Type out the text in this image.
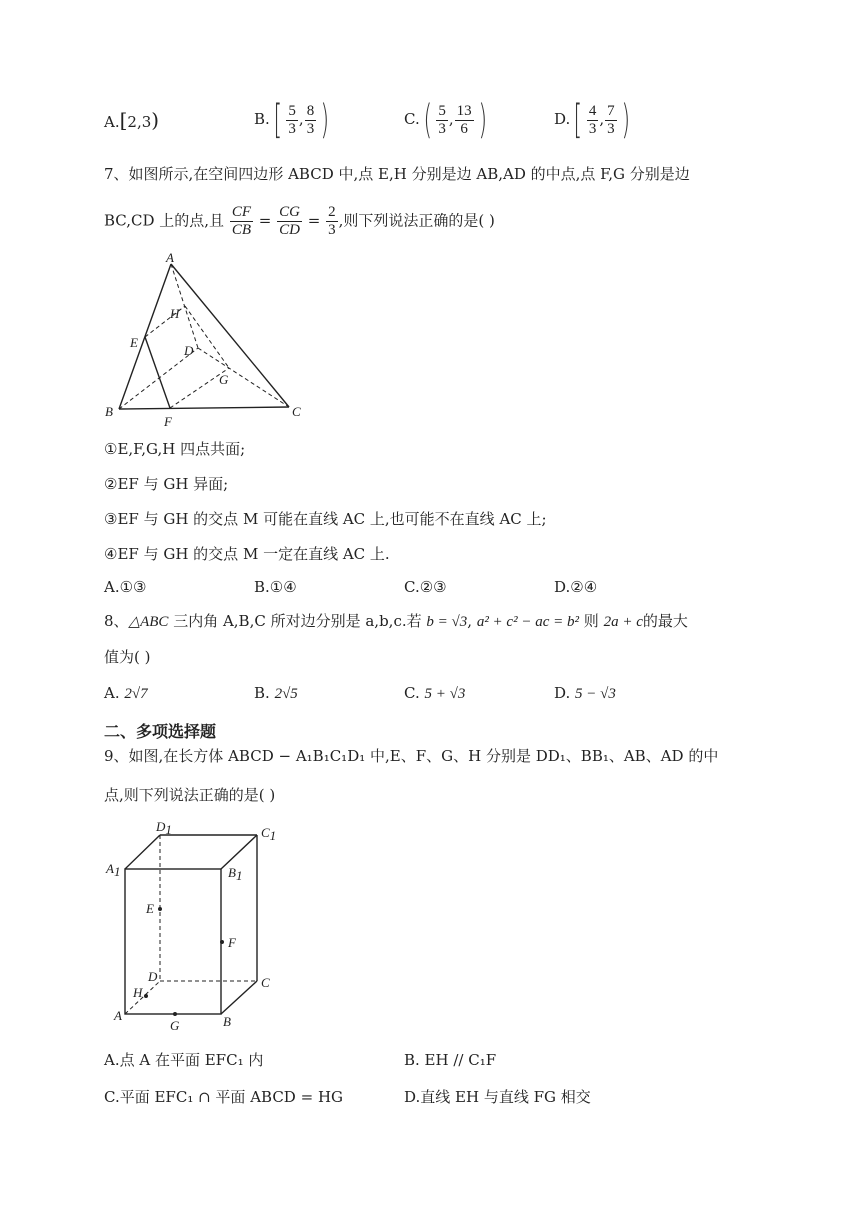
A.[2,3)	$B.[ \frac{5}{3}$ , $\frac{8}{3}$ )	$C.( \frac{5}{3}$ , $\frac{13}{6}$ )	$D.[ \frac{4}{3}$ , $\frac{7}{3}$ )
7、如图所示,在空间四边形 ABCD 中,点 E,H 分别是边 AB,AD 的中点,点 F,G 分别是边
BC,CD 上的点,且 $\frac{CF}{CB} = \frac{CG}{CD} = \frac{2}{3}$ ,则下列说法正确的是( )
A
B	C
D
E
F
G
H
①E,F,G,H 四点共面;
②EF 与 GH 异面;
③EF 与 GH 的交点 M 可能在直线 AC 上,也可能不在直线 AC 上;
④EF 与 GH 的交点 M 一定在直线 AC 上.
A.①③	B.①④	C.②③	D.②④
8、△ABC 三内角 A,B,C 所对边分别是 a,b,c.若 b = √3, a² + c² − ac = b² 则 2a + c的最大
值为( )
A. 2√7	B. 2√5	C. 5 + √3	D. 5 − √3
二、多项选择题
9、如图,在长方体 ABCD − A₁B₁C₁D₁ 中,E、F、G、H 分别是 DD₁、BB₁、AB、AD 的中
点,则下列说法正确的是( )
D1	C1
A1	B1
E
F
D	C
H
A	B
G
A.点 A 在平面 EFC₁ 内	B. EH // C₁F
C.平面 EFC₁ ∩ 平面 ABCD = HG	D.直线 EH 与直线 FG 相交
